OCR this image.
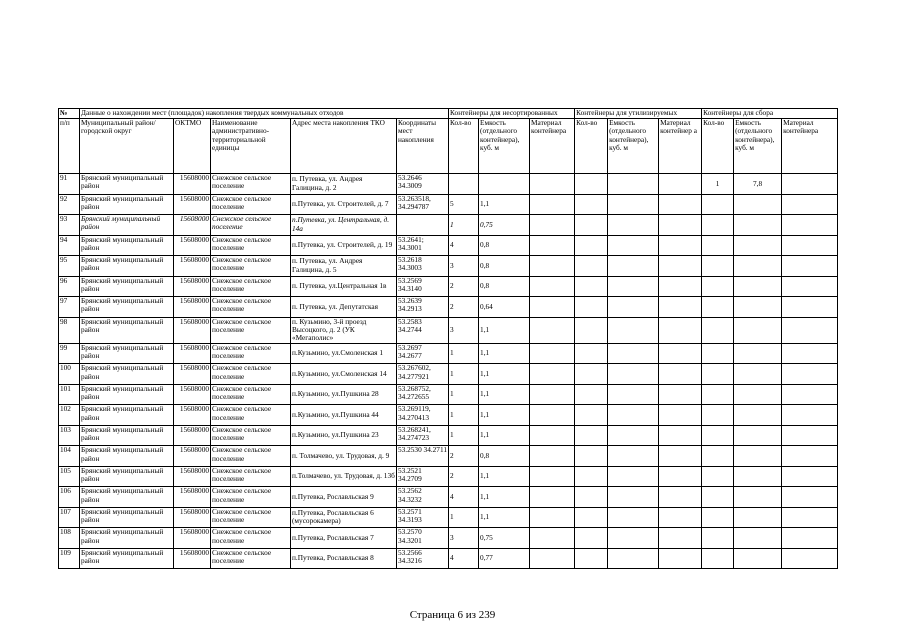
№	Данные о нахождении мест (площадок) накопления твердых коммунальных отходов					Контейнеры для несортированных			Контейнеры для утилизируемых			Контейнеры для сбора		
п/п	Муниципальный район/городской округ	ОКТМО	Наименование административно-территориальной единицы	Адрес места накопления ТКО	Координаты мест накопления	Кол-во	Емкость (отдельного контейнера), куб. м	Материал контейнера	Кол-во	Емкость (отдельного контейнера), куб. м	Материал контейнер а	Кол-во	Емкость (отдельного контейнера), куб. м	Материал контейнера
91	Брянский муниципальный район	15608000	Снежское сельское поселение	п. Путевка, ул. Андрея Галицина, д. 2	53.2646 34.3009							1	7,8	
92	Брянский муниципальный район	15608000	Снежское сельское поселение	п.Путевка, ул. Строителей, д. 7	53.263518, 34.294787	5	1,1							
93	Брянский муниципальный район	15608000	Снежское сельское поселение	п.Путевка, ул. Центральная, д. 14а		1	0,75							
94	Брянский муниципальный район	15608000	Снежское сельское поселение	п.Путевка, ул. Строителей, д. 19	53.2641; 34.3001	4	0,8							
95	Брянский муниципальный район	15608000	Снежское сельское поселение	п. Путевка, ул. Андрея Галицина, д. 5	53.2618 34.3003	3	0,8							
96	Брянский муниципальный район	15608000	Снежское сельское поселение	п. Путевка, ул.Центральная 1в	53.2569 34.3140	2	0,8							
97	Брянский муниципальный район	15608000	Снежское сельское поселение	п. Путевка, ул. Депутатская	53.2639 34.2913	2	0,64							
98	Брянский муниципальный район	15608000	Снежское сельское поселение	п. Кузьмино, 3-й проезд Высоцкого, д. 2 (УК «Мегаполис»	53.2583 34.2744	3	1,1							
99	Брянский муниципальный район	15608000	Снежское сельское поселение	п.Кузьмино, ул.Смоленская 1	53.2697 34.2677	1	1,1							
100	Брянский муниципальный район	15608000	Снежское сельское поселение	п.Кузьмино, ул.Смоленская 14	53.267602, 34.277921	1	1,1							
101	Брянский муниципальный район	15608000	Снежское сельское поселение	п.Кузьмино, ул.Пушкина 28	53.268752, 34.272655	1	1,1							
102	Брянский муниципальный район	15608000	Снежское сельское поселение	п.Кузьмино, ул.Пушкина 44	53.269119, 34.270413	1	1,1							
103	Брянский муниципальный район	15608000	Снежское сельское поселение	п.Кузьмино, ул.Пушкина 23	53.268241, 34.274723	1	1,1							
104	Брянский муниципальный район	15608000	Снежское сельское поселение	п. Толмачево, ул. Трудовая, д. 9	53.2530 34.2711	2	0,8							
105	Брянский муниципальный район	15608000	Снежское сельское поселение	п.Толмачево, ул. Трудовая, д. 13б	53.2521 34.2709	2	1,1							
106	Брянский муниципальный район	15608000	Снежское сельское поселение	п.Путевка, Рославльская 9	53.2562 34.3232	4	1,1							
107	Брянский муниципальный район	15608000	Снежское сельское поселение	п.Путевка, Рославльская 6 (мусорокамера)	53.2571 34.3193	1	1,1							
108	Брянский муниципальный район	15608000	Снежское сельское поселение	п.Путевка, Рославльская 7	53.2570 34.3201	3	0,75							
109	Брянский муниципальный район	15608000	Снежское сельское поселение	п.Путевка, Рославльская 8	53.2566 34.3216	4	0,77							
Страница 6 из 239
